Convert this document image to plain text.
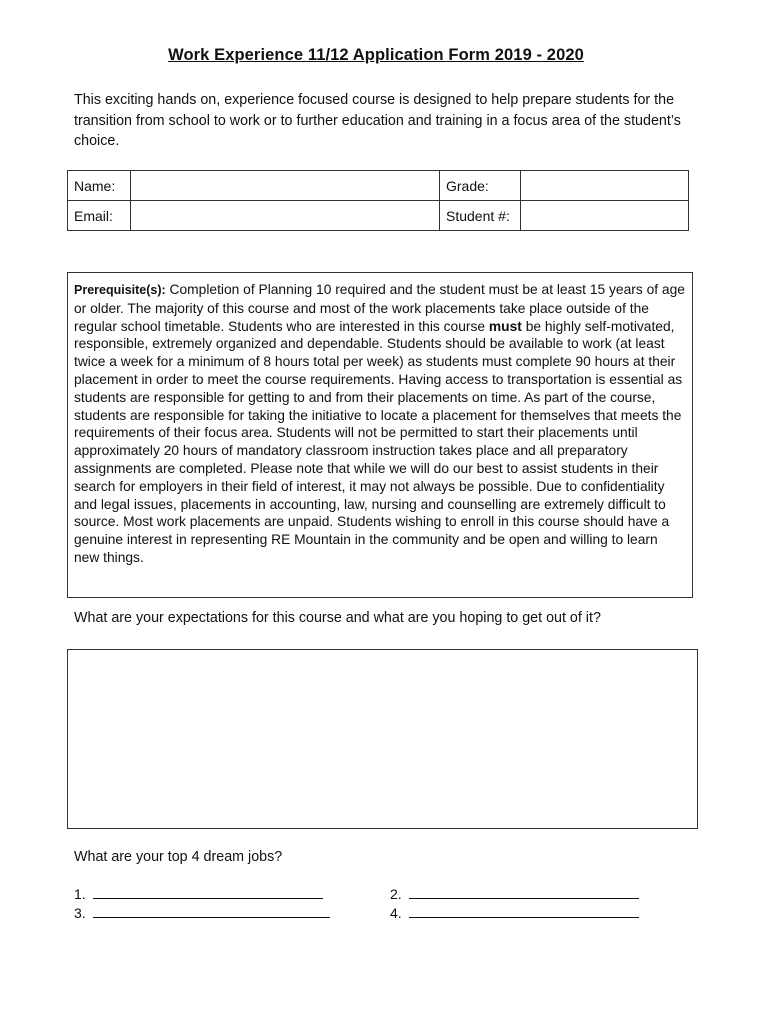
Work Experience 11/12 Application Form 2019 - 2020
This exciting hands on, experience focused course is designed to help prepare students for the transition from school to work or to further education and training in a focus area of the student’s choice.
Name:		Grade:	
Email:		Student #:	
Prerequisite(s): Completion of Planning 10 required and the student must be at least 15 years of age or older. The majority of this course and most of the work placements take place outside of the regular school timetable. Students who are interested in this course must be highly self-motivated, responsible, extremely organized and dependable. Students should be available to work (at least twice a week for a minimum of 8 hours total per week) as students must complete 90 hours at their placement in order to meet the course requirements. Having access to transportation is essential as students are responsible for getting to and from their placements on time. As part of the course, students are responsible for taking the initiative to locate a placement for themselves that meets the requirements of their focus area. Students will not be permitted to start their placements until approximately 20 hours of mandatory classroom instruction takes place and all preparatory assignments are completed. Please note that while we will do our best to assist students in their search for employers in their field of interest, it may not always be possible. Due to confidentiality and legal issues, placements in accounting, law, nursing and counselling are extremely difficult to source. Most work placements are unpaid. Students wishing to enroll in this course should have a genuine interest in representing RE Mountain in the community and be open and willing to learn new things.
What are your expectations for this course and what are you hoping to get out of it?
What are your top 4 dream jobs?
1.	2.
3.	4.
